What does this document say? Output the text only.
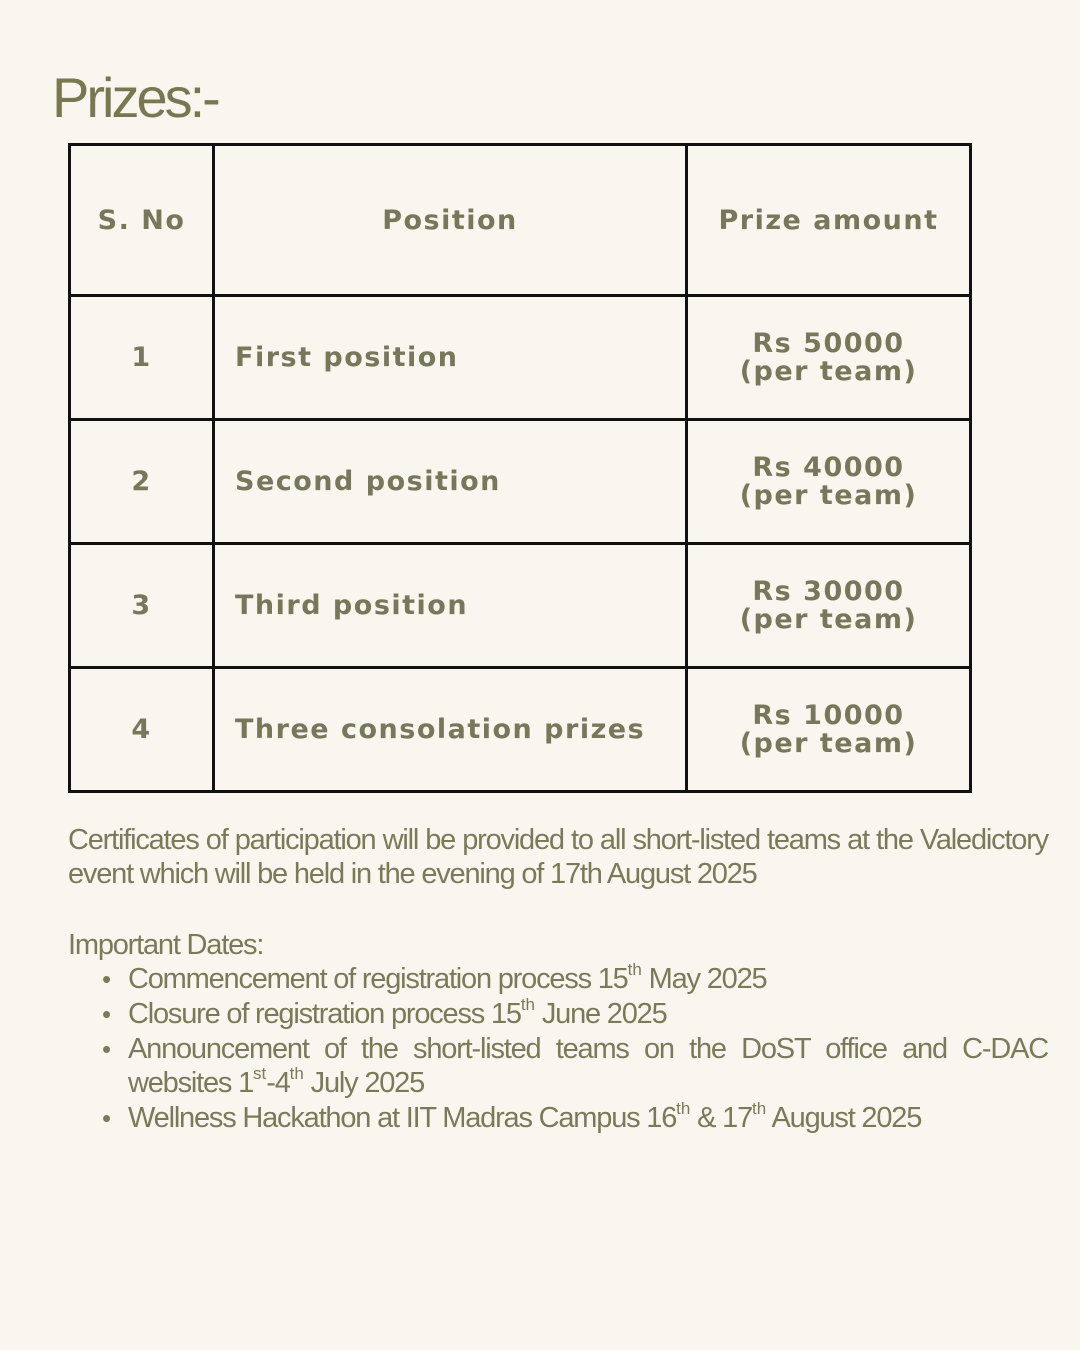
Prizes:-
S. No	Position	Prize amount
1	First position	Rs 50000
(per team)

2	Second position	Rs 40000
(per team)

3	Third position	Rs 30000
(per team)

4	Three consolation prizes	Rs 10000
(per team)

Certificates of participation will be provided to all short-listed teams at the Valedictory event which will be held in the evening of 17th August 2025

Important Dates:

• Commencement of registration process 15th May 2025
• Closure of registration process 15th June 2025
• Announcement of the short-listed teams on the DoST office and C-DAC websites 1st-4th July 2025
• Wellness Hackathon at IIT Madras Campus 16th & 17th August 2025
